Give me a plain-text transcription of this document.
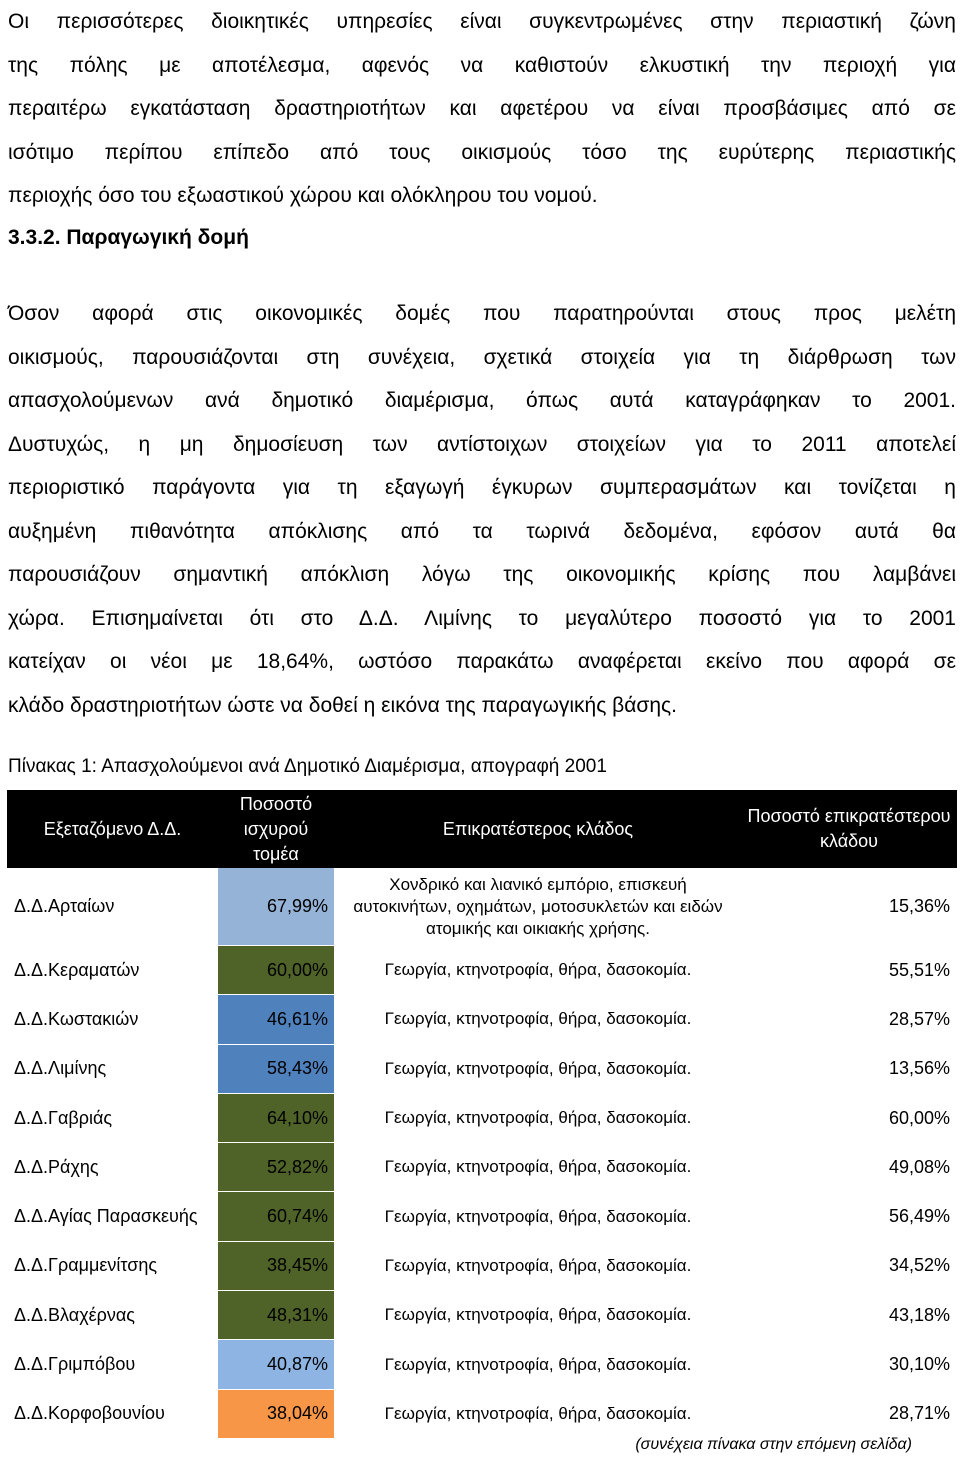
Οι περισσότερες διοικητικές υπηρεσίες είναι συγκεντρωμένες στην περιαστική ζώνη
της πόλης με αποτέλεσμα, αφενός να καθιστούν ελκυστική την περιοχή για
περαιτέρω εγκατάσταση δραστηριοτήτων και αφετέρου να είναι προσβάσιμες από σε
ισότιμο περίπου επίπεδο από τους οικισμούς τόσο της ευρύτερης περιαστικής
περιοχής όσο του εξωαστικού χώρου και ολόκληρου του νομού.
3.3.2. Παραγωγική δομή
Όσον αφορά στις οικονομικές δομές που παρατηρούνται στους προς μελέτη
οικισμούς, παρουσιάζονται στη συνέχεια, σχετικά στοιχεία για τη διάρθρωση των
απασχολούμενων ανά δημοτικό διαμέρισμα, όπως αυτά καταγράφηκαν το 2001.
Δυστυχώς, η μη δημοσίευση των αντίστοιχων στοιχείων για το 2011 αποτελεί
περιοριστικό παράγοντα για τη εξαγωγή έγκυρων συμπερασμάτων και τονίζεται η
αυξημένη πιθανότητα απόκλισης από τα τωρινά δεδομένα, εφόσον αυτά θα
παρουσιάζουν σημαντική απόκλιση λόγω της οικονομικής κρίσης που λαμβάνει
χώρα. Επισημαίνεται ότι στο Δ.Δ. Λιμίνης το μεγαλύτερο ποσοστό για το 2001
κατείχαν οι νέοι με 18,64%, ωστόσο παρακάτω αναφέρεται εκείνο που αφορά σε
κλάδο δραστηριοτήτων ώστε να δοθεί η εικόνα της παραγωγικής βάσης.
Πίνακας 1: Απασχολούμενοι ανά Δημοτικό Διαμέρισμα, απογραφή 2001
Εξεταζόμενο Δ.Δ.	Ποσοστό ισχυρού τομέα	Επικρατέστερος κλάδος	Ποσοστό επικρατέστερου κλάδου
Δ.Δ.Αρταίων	67,99%	Χονδρικό και λιανικό εμπόριο, επισκευή αυτοκινήτων, οχημάτων, μοτοσυκλετών και ειδών ατομικής και οικιακής χρήσης.	15,36%
Δ.Δ.Κεραματών	60,00%	Γεωργία, κτηνοτροφία, θήρα, δασοκομία.	55,51%
Δ.Δ.Κωστακιών	46,61%	Γεωργία, κτηνοτροφία, θήρα, δασοκομία.	28,57%
Δ.Δ.Λιμίνης	58,43%	Γεωργία, κτηνοτροφία, θήρα, δασοκομία.	13,56%
Δ.Δ.Γαβριάς	64,10%	Γεωργία, κτηνοτροφία, θήρα, δασοκομία.	60,00%
Δ.Δ.Ράχης	52,82%	Γεωργία, κτηνοτροφία, θήρα, δασοκομία.	49,08%
Δ.Δ.Αγίας Παρασκευής	60,74%	Γεωργία, κτηνοτροφία, θήρα, δασοκομία.	56,49%
Δ.Δ.Γραμμενίτσης	38,45%	Γεωργία, κτηνοτροφία, θήρα, δασοκομία.	34,52%
Δ.Δ.Βλαχέρνας	48,31%	Γεωργία, κτηνοτροφία, θήρα, δασοκομία.	43,18%
Δ.Δ.Γριμπόβου	40,87%	Γεωργία, κτηνοτροφία, θήρα, δασοκομία.	30,10%
Δ.Δ.Κορφοβουνίου	38,04%	Γεωργία, κτηνοτροφία, θήρα, δασοκομία.	28,71%
(συνέχεια πίνακα στην επόμενη σελίδα)
